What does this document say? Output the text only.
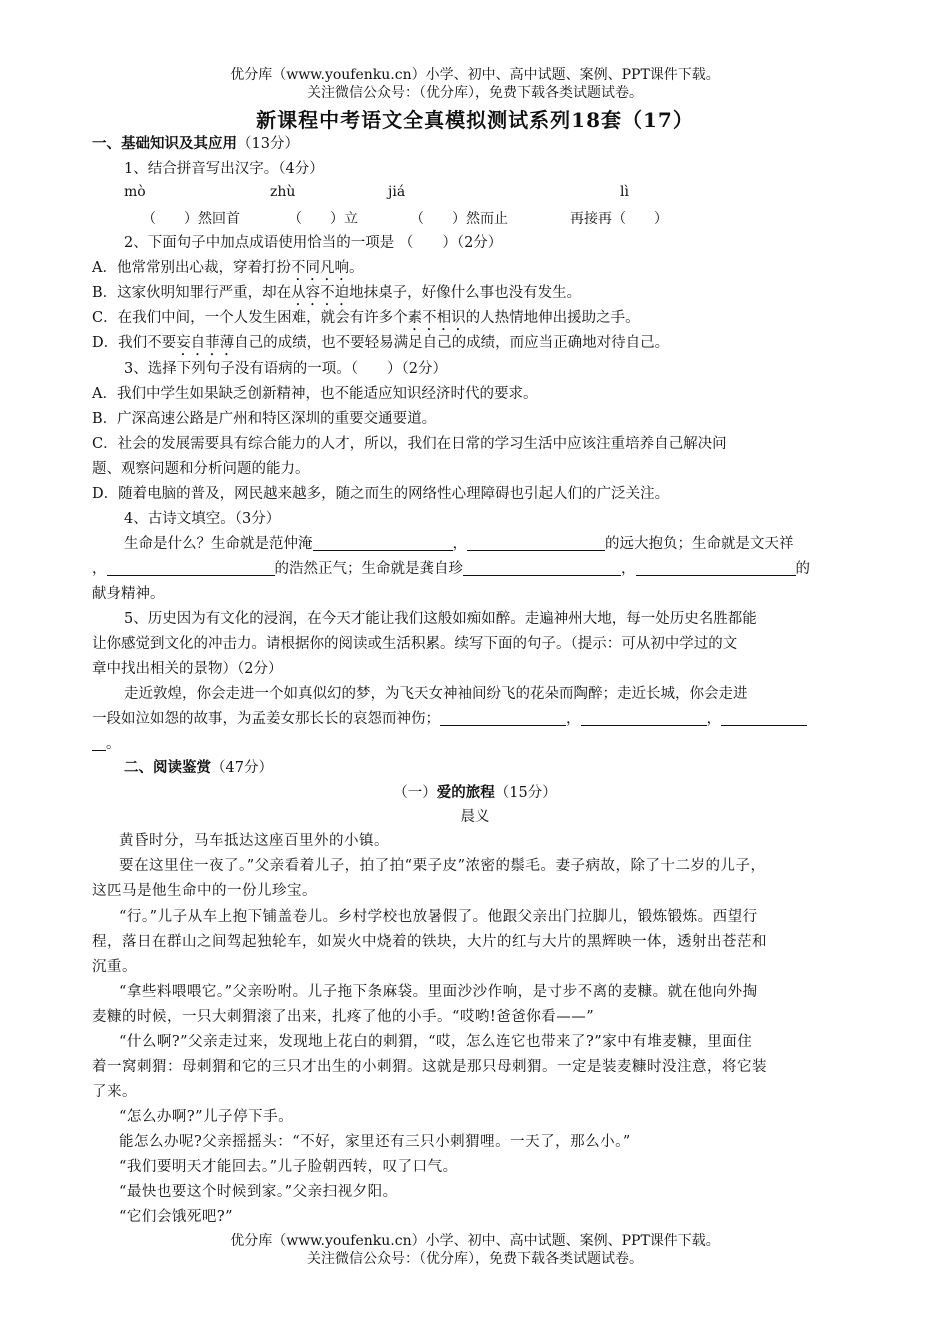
优分库（www.youfenku.cn）小学、初中、高中试题、案例、PPT课件下载。
关注微信公众号：（优分库），免费下载各类试题试卷。
新课程中考语文全真模拟测试系列18套（17）
一、基础知识及其应用（13分）
1、结合拼音写出汉字。（4分）
mò	zhù	jiá	lì
（　　）然回首	（　　）立	（　　）然而止	再接再（　　）
2、下面句子中加点成语使用恰当的一项是 （　　）（2分）
A．他常常别出心裁，穿着打扮不同凡响。
B．这家伙明知罪行严重，却在从容不迫地抹桌子，好像什么事也没有发生。
C．在我们中间，一个人发生困难，就会有许多个素不相识的人热情地伸出援助之手。
D．我们不要妄自菲薄自己的成绩，也不要轻易满足自己的成绩，而应当正确地对待自己。
3、选择下列句子没有语病的一项。（　　）（2分）
A．我们中学生如果缺乏创新精神，也不能适应知识经济时代的要求。
B．广深高速公路是广州和特区深圳的重要交通要道。
C．社会的发展需要具有综合能力的人才，所以，我们在日常的学习生活中应该注重培养自己解决问
题、观察问题和分析问题的能力。
D．随着电脑的普及，网民越来越多，随之而生的网络性心理障碍也引起人们的广泛关注。
4、古诗文填空。（3分）
生命是什么？生命就是范仲淹	，	的远大抱负；生命就是文天祥
，	的浩然正气；生命就是龚自珍	，	的
献身精神。
5、历史因为有文化的浸润，在今天才能让我们这般如痴如醉。走遍神州大地，每一处历史名胜都能
让你感觉到文化的冲击力。请根据你的阅读或生活积累。续写下面的句子。（提示：可从初中学过的文
章中找出相关的景物）（2分）
走近敦煌，你会走进一个如真似幻的梦，为飞天女神袖间纷飞的花朵而陶醉；走近长城，你会走进
一段如泣如怨的故事，为孟姜女那长长的哀怨而神伤；	，	，
。
二、阅读鉴赏（47分）
（一）爱的旅程（15分）
晨义
黄昏时分，马车抵达这座百里外的小镇。
要在这里住一夜了。”父亲看着儿子，拍了拍“栗子皮”浓密的鬃毛。妻子病故，除了十二岁的儿子，
这匹马是他生命中的一份儿珍宝。
“行。”儿子从车上抱下铺盖卷儿。乡村学校也放暑假了。他跟父亲出门拉脚儿，锻炼锻炼。西望行
程，落日在群山之间驾起独轮车，如炭火中烧着的铁块，大片的红与大片的黑辉映一体，透射出苍茫和
沉重。
“拿些料喂喂它。”父亲吩咐。儿子拖下条麻袋。里面沙沙作响，是寸步不离的麦糠。就在他向外掏
麦糠的时候，一只大刺猬滚了出来，扎疼了他的小手。“哎哟!爸爸你看——”
“什么啊?”父亲走过来，发现地上花白的刺猬，“哎，怎么连它也带来了?”家中有堆麦糠，里面住
着一窝刺猬：母刺猬和它的三只才出生的小刺猬。这就是那只母刺猬。一定是装麦糠时没注意，将它装
了来。
“怎么办啊?”儿子停下手。
能怎么办呢?父亲摇摇头：“不好，家里还有三只小刺猬哩。一天了，那么小。”
“我们要明天才能回去。”儿子脸朝西转，叹了口气。
“最快也要这个时候到家。”父亲扫视夕阳。
“它们会饿死吧?”
优分库（www.youfenku.cn）小学、初中、高中试题、案例、PPT课件下载。
关注微信公众号：（优分库），免费下载各类试题试卷。
